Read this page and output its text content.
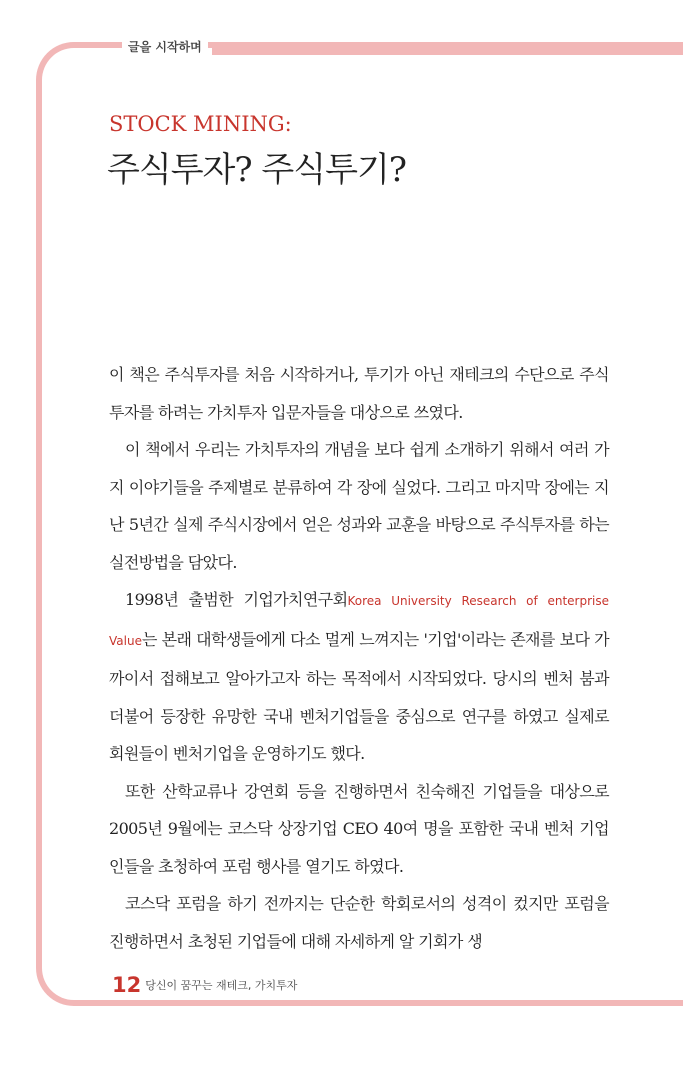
글을 시작하며
STOCK MINING:
주식투자? 주식투기?

이 책은 주식투자를 처음 시작하거나, 투기가 아닌 재테크의 수단으로 주식투자를 하려는 가치투자 입문자들을 대상으로 쓰였다.

이 책에서 우리는 가치투자의 개념을 보다 쉽게 소개하기 위해서 여러 가지 이야기들을 주제별로 분류하여 각 장에 실었다. 그리고 마지막 장에는 지난 5년간 실제 주식시장에서 얻은 성과와 교훈을 바탕으로 주식투자를 하는 실전방법을 담았다.

1998년 출범한 기업가치연구회Korea University Research of enterprise Value는 본래 대학생들에게 다소 멀게 느껴지는 '기업'이라는 존재를 보다 가까이서 접해보고 알아가고자 하는 목적에서 시작되었다. 당시의 벤처 붐과 더불어 등장한 유망한 국내 벤처기업들을 중심으로 연구를 하였고 실제로 회원들이 벤처기업을 운영하기도 했다.

또한 산학교류나 강연회 등을 진행하면서 친숙해진 기업들을 대상으로 2005년 9월에는 코스닥 상장기업 CEO 40여 명을 포함한 국내 벤처 기업인들을 초청하여 포럼 행사를 열기도 하였다.

코스닥 포럼을 하기 전까지는 단순한 학회로서의 성격이 컸지만 포럼을 진행하면서 초청된 기업들에 대해 자세하게 알 기회가 생

12 당신이 꿈꾸는 재테크, 가치투자
